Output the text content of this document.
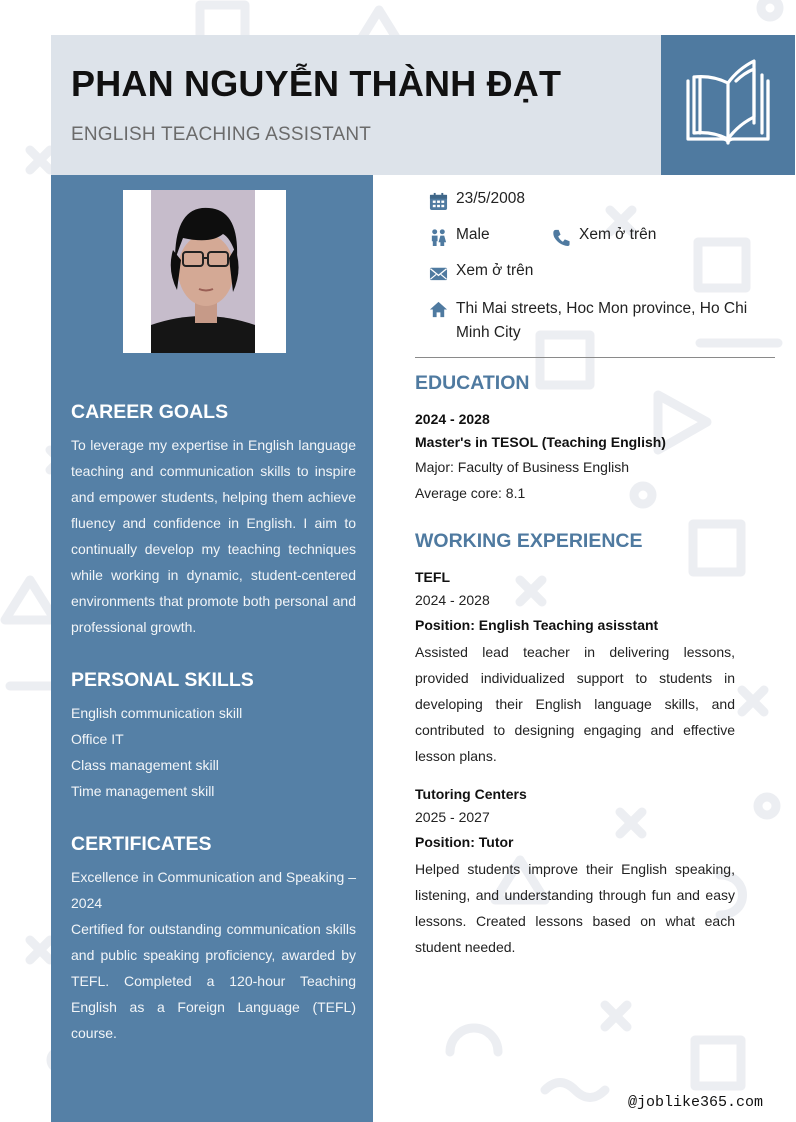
PHAN NGUYỄN THÀNH ĐẠT
ENGLISH TEACHING ASSISTANT
CAREER GOALS

To leverage my expertise in English language teaching and communication skills to inspire and empower students, helping them achieve fluency and confidence in English. I aim to continually develop my teaching techniques while working in dynamic, student-centered environments that promote both personal and professional growth.

PERSONAL SKILLS
English communication skill
Office IT
Class management skill
Time management skill
CERTIFICATES

Excellence in Communication and Speaking – 2024

Certified for outstanding communication skills and public speaking proficiency, awarded by TEFL. Completed a 120-hour Teaching English as a Foreign Language (TEFL) course.

23/5/2008
Male	Xem ở trên
Xem ở trên
Thi Mai streets, Hoc Mon province, Ho Chi Minh City
EDUCATION
2024 - 2028
Master's in TESOL (Teaching English)
Major: Faculty of Business English
Average core: 8.1
WORKING EXPERIENCE
TEFL
2024 - 2028
Position: English Teaching asisstant
Assisted lead teacher in delivering lessons, provided individualized support to students in developing their English language skills, and contributed to designing engaging and effective lesson plans.
Tutoring Centers
2025 - 2027
Position: Tutor
Helped students improve their English speaking, listening, and understanding through fun and easy lessons. Created lessons based on what each student needed.
@joblike365.com
